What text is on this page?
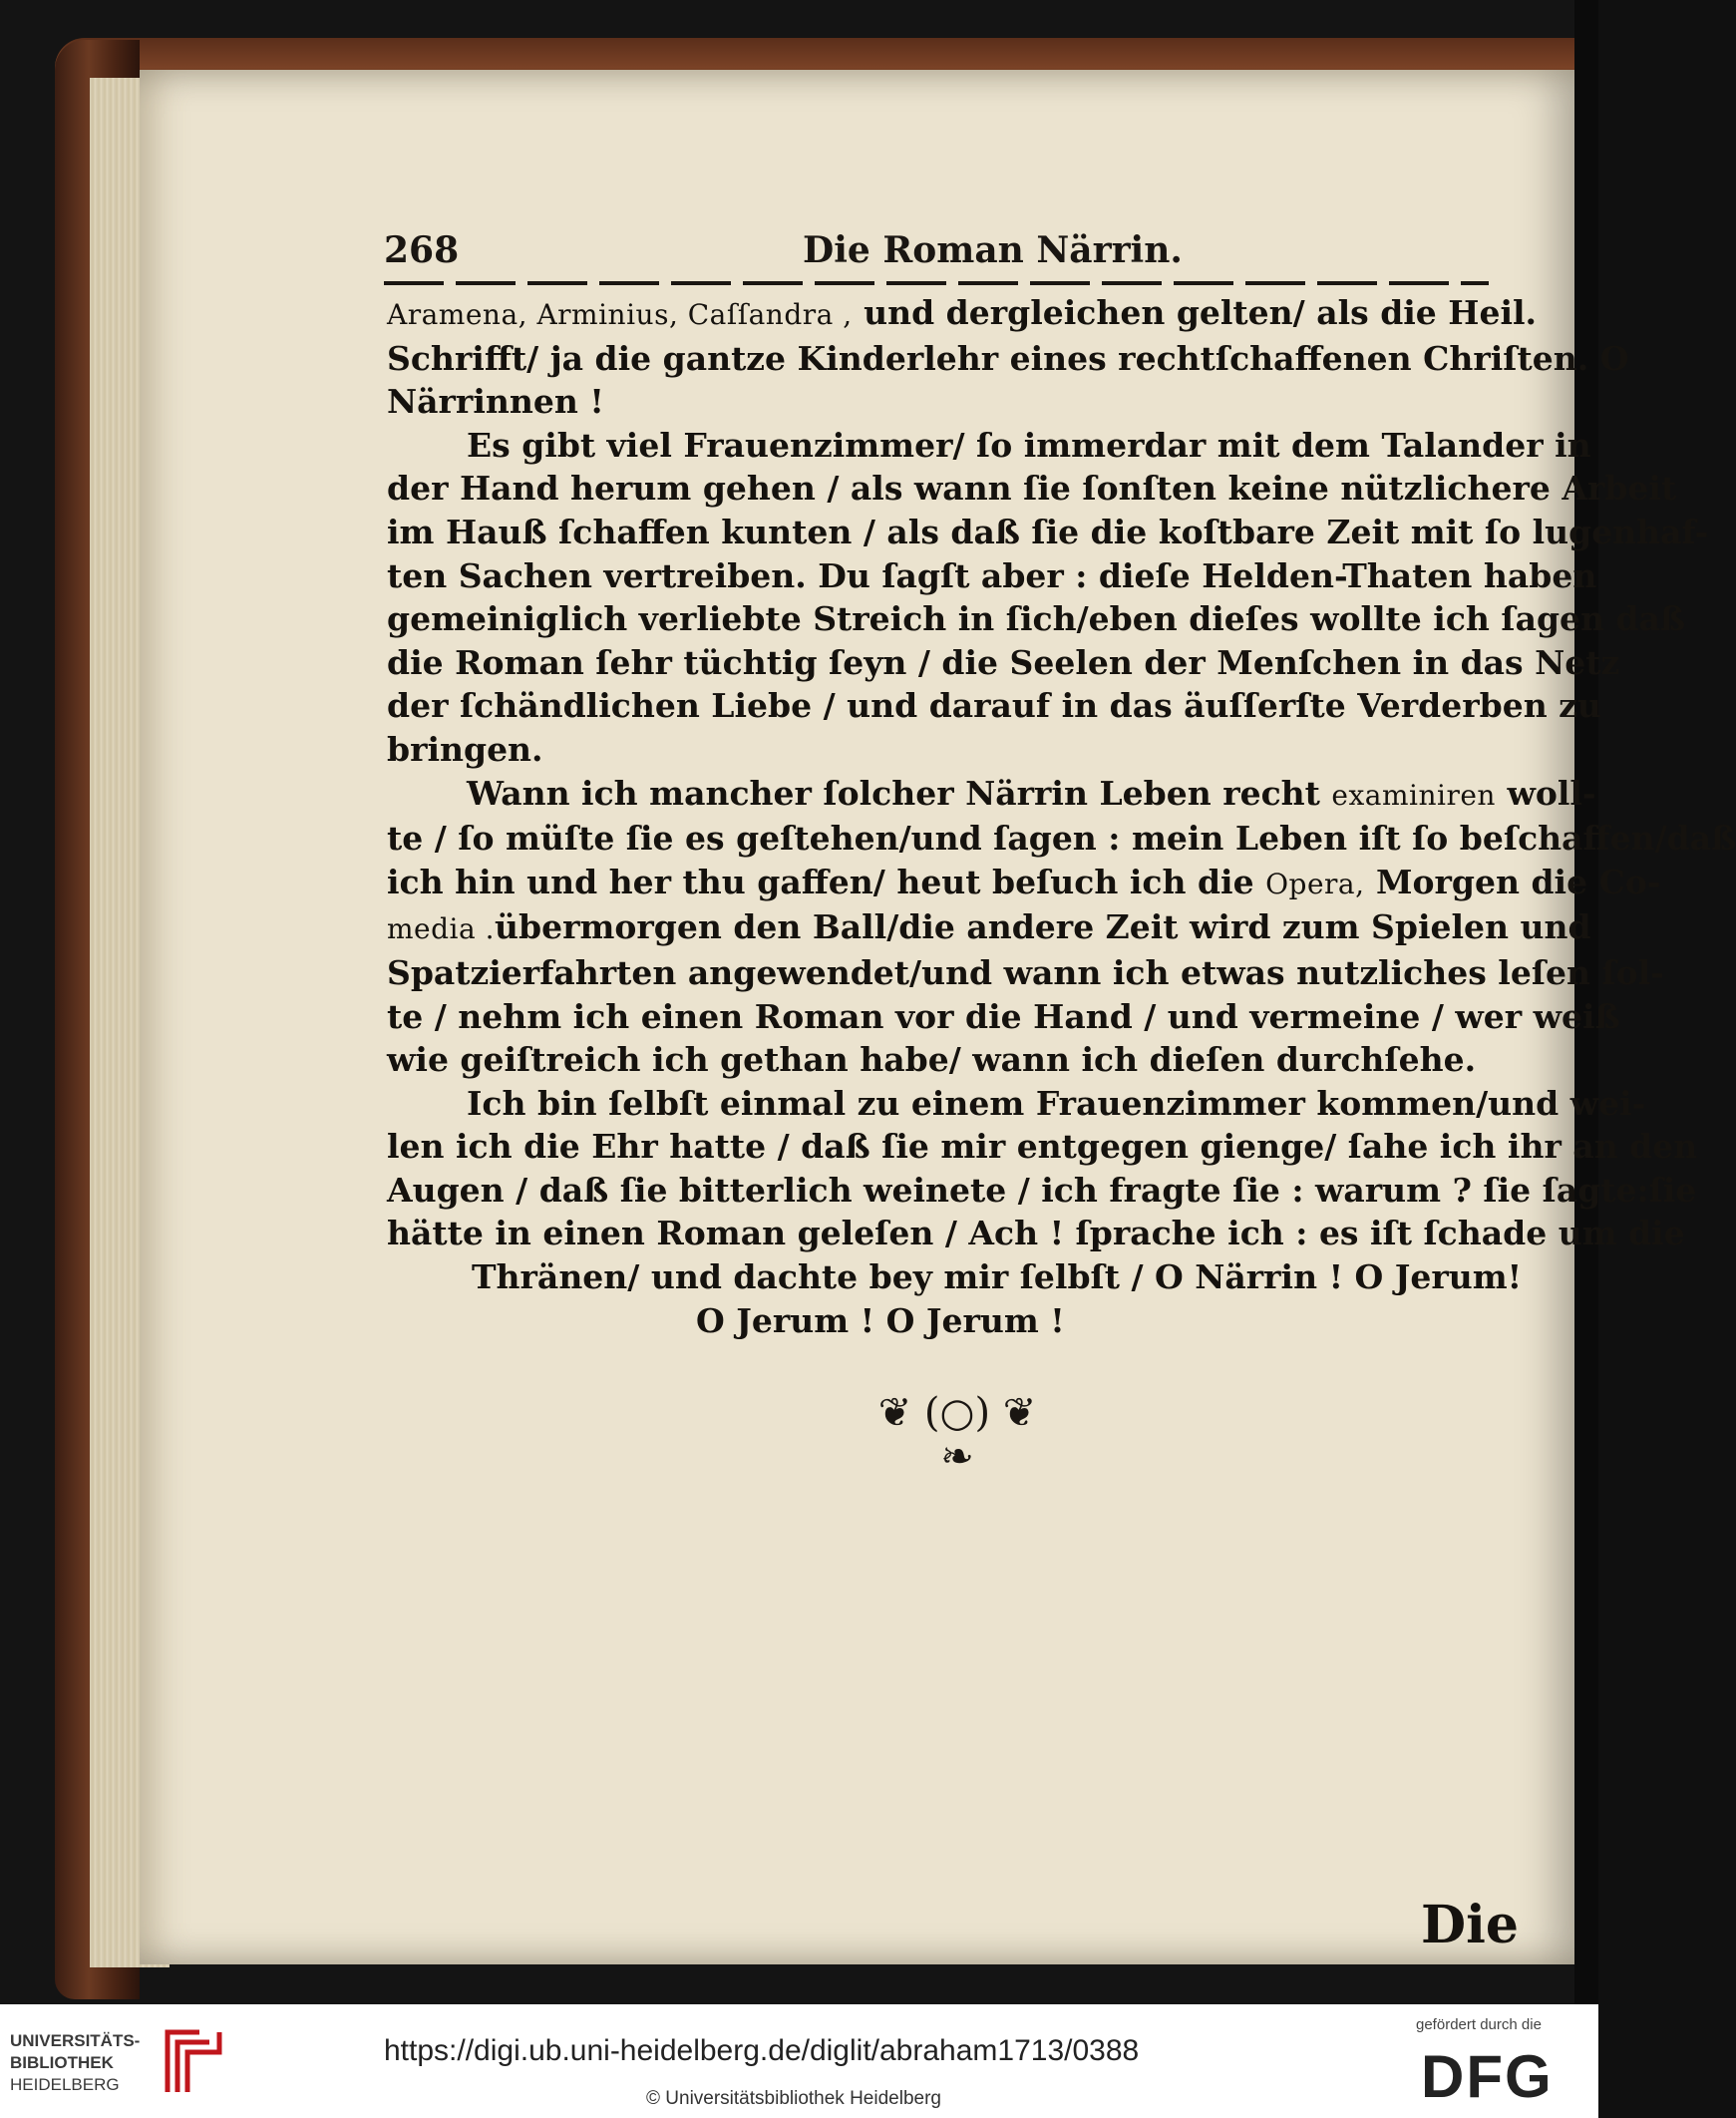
268	Die Roman Närrin.
Aramena, Arminius, Caſſandra , und dergleichen gelten/ als die Heil.
Schrifft/ ja die gantze Kinderlehr eines rechtſchaffenen Chriſten. O
Närrinnen !
Es gibt viel Frauenzimmer/ ſo immerdar mit dem Talander in
der Hand herum gehen / als wann ſie ſonſten keine nützlichere Arbeit
im Hauß ſchaffen kunten / als daß ſie die koſtbare Zeit mit ſo lugenhaf-
ten Sachen vertreiben. Du ſagſt aber : dieſe Helden-Thaten haben
gemeiniglich verliebte Streich in ſich/eben dieſes wollte ich ſagen daß
die Roman ſehr tüchtig ſeyn / die Seelen der Menſchen in das Netz
der ſchändlichen Liebe / und darauf in das äuſſerſte Verderben zu
bringen.
Wann ich mancher ſolcher Närrin Leben recht examiniren woll-
te / ſo müſte ſie es geſtehen/und ſagen : mein Leben iſt ſo beſchaffen/daß
ich hin und her thu gaffen/ heut beſuch ich die Opera, Morgen die Co-
media .übermorgen den Ball/die andere Zeit wird zum Spielen und
Spatzierfahrten angewendet/und wann ich etwas nutzliches leſen ſol-
te / nehm ich einen Roman vor die Hand / und vermeine / wer weiß
wie geiſtreich ich gethan habe/ wann ich dieſen durchſehe.
Ich bin ſelbſt einmal zu einem Frauenzimmer kommen/und wei-
len ich die Ehr hatte / daß ſie mir entgegen gienge/ ſahe ich ihr an den
Augen / daß ſie bitterlich weinete / ich fragte ſie : warum ? ſie ſagte:ſie
hätte in einen Roman geleſen / Ach ! ſprache ich : es iſt ſchade um die
Thränen/ und dachte bey mir ſelbſt / O Närrin ! O Jerum!
O Jerum ! O Jerum !
❦ (○) ❦
❧
Die
UNIVERSITÄTS-
BIBLIOTHEK
HEIDELBERG
https://digi.ub.uni-heidelberg.de/diglit/abraham1713/0388
© Universitätsbibliothek Heidelberg
gefördert durch die
DFG
